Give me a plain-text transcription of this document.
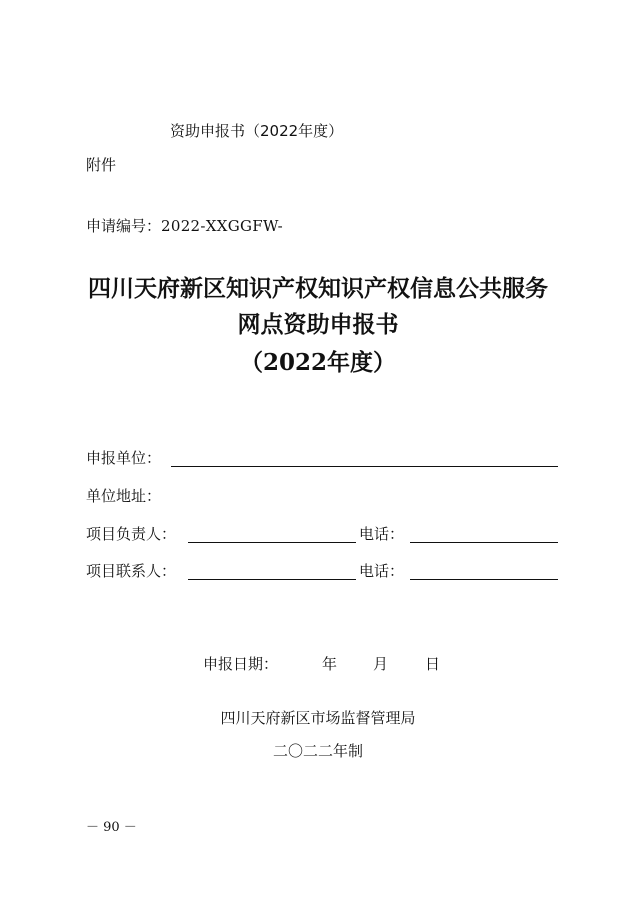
资助申报书（2022年度）
附件
申请编号：2022-XXGGFW-
四川天府新区知识产权知识产权信息公共服务
网点资助申报书
（2022年度）
申报单位：
单位地址：
项目负责人：	电话：
项目联系人：	电话：
申报日期：	年 月 日
四川天府新区市场监督管理局
二〇二二年制
－ 90 －
